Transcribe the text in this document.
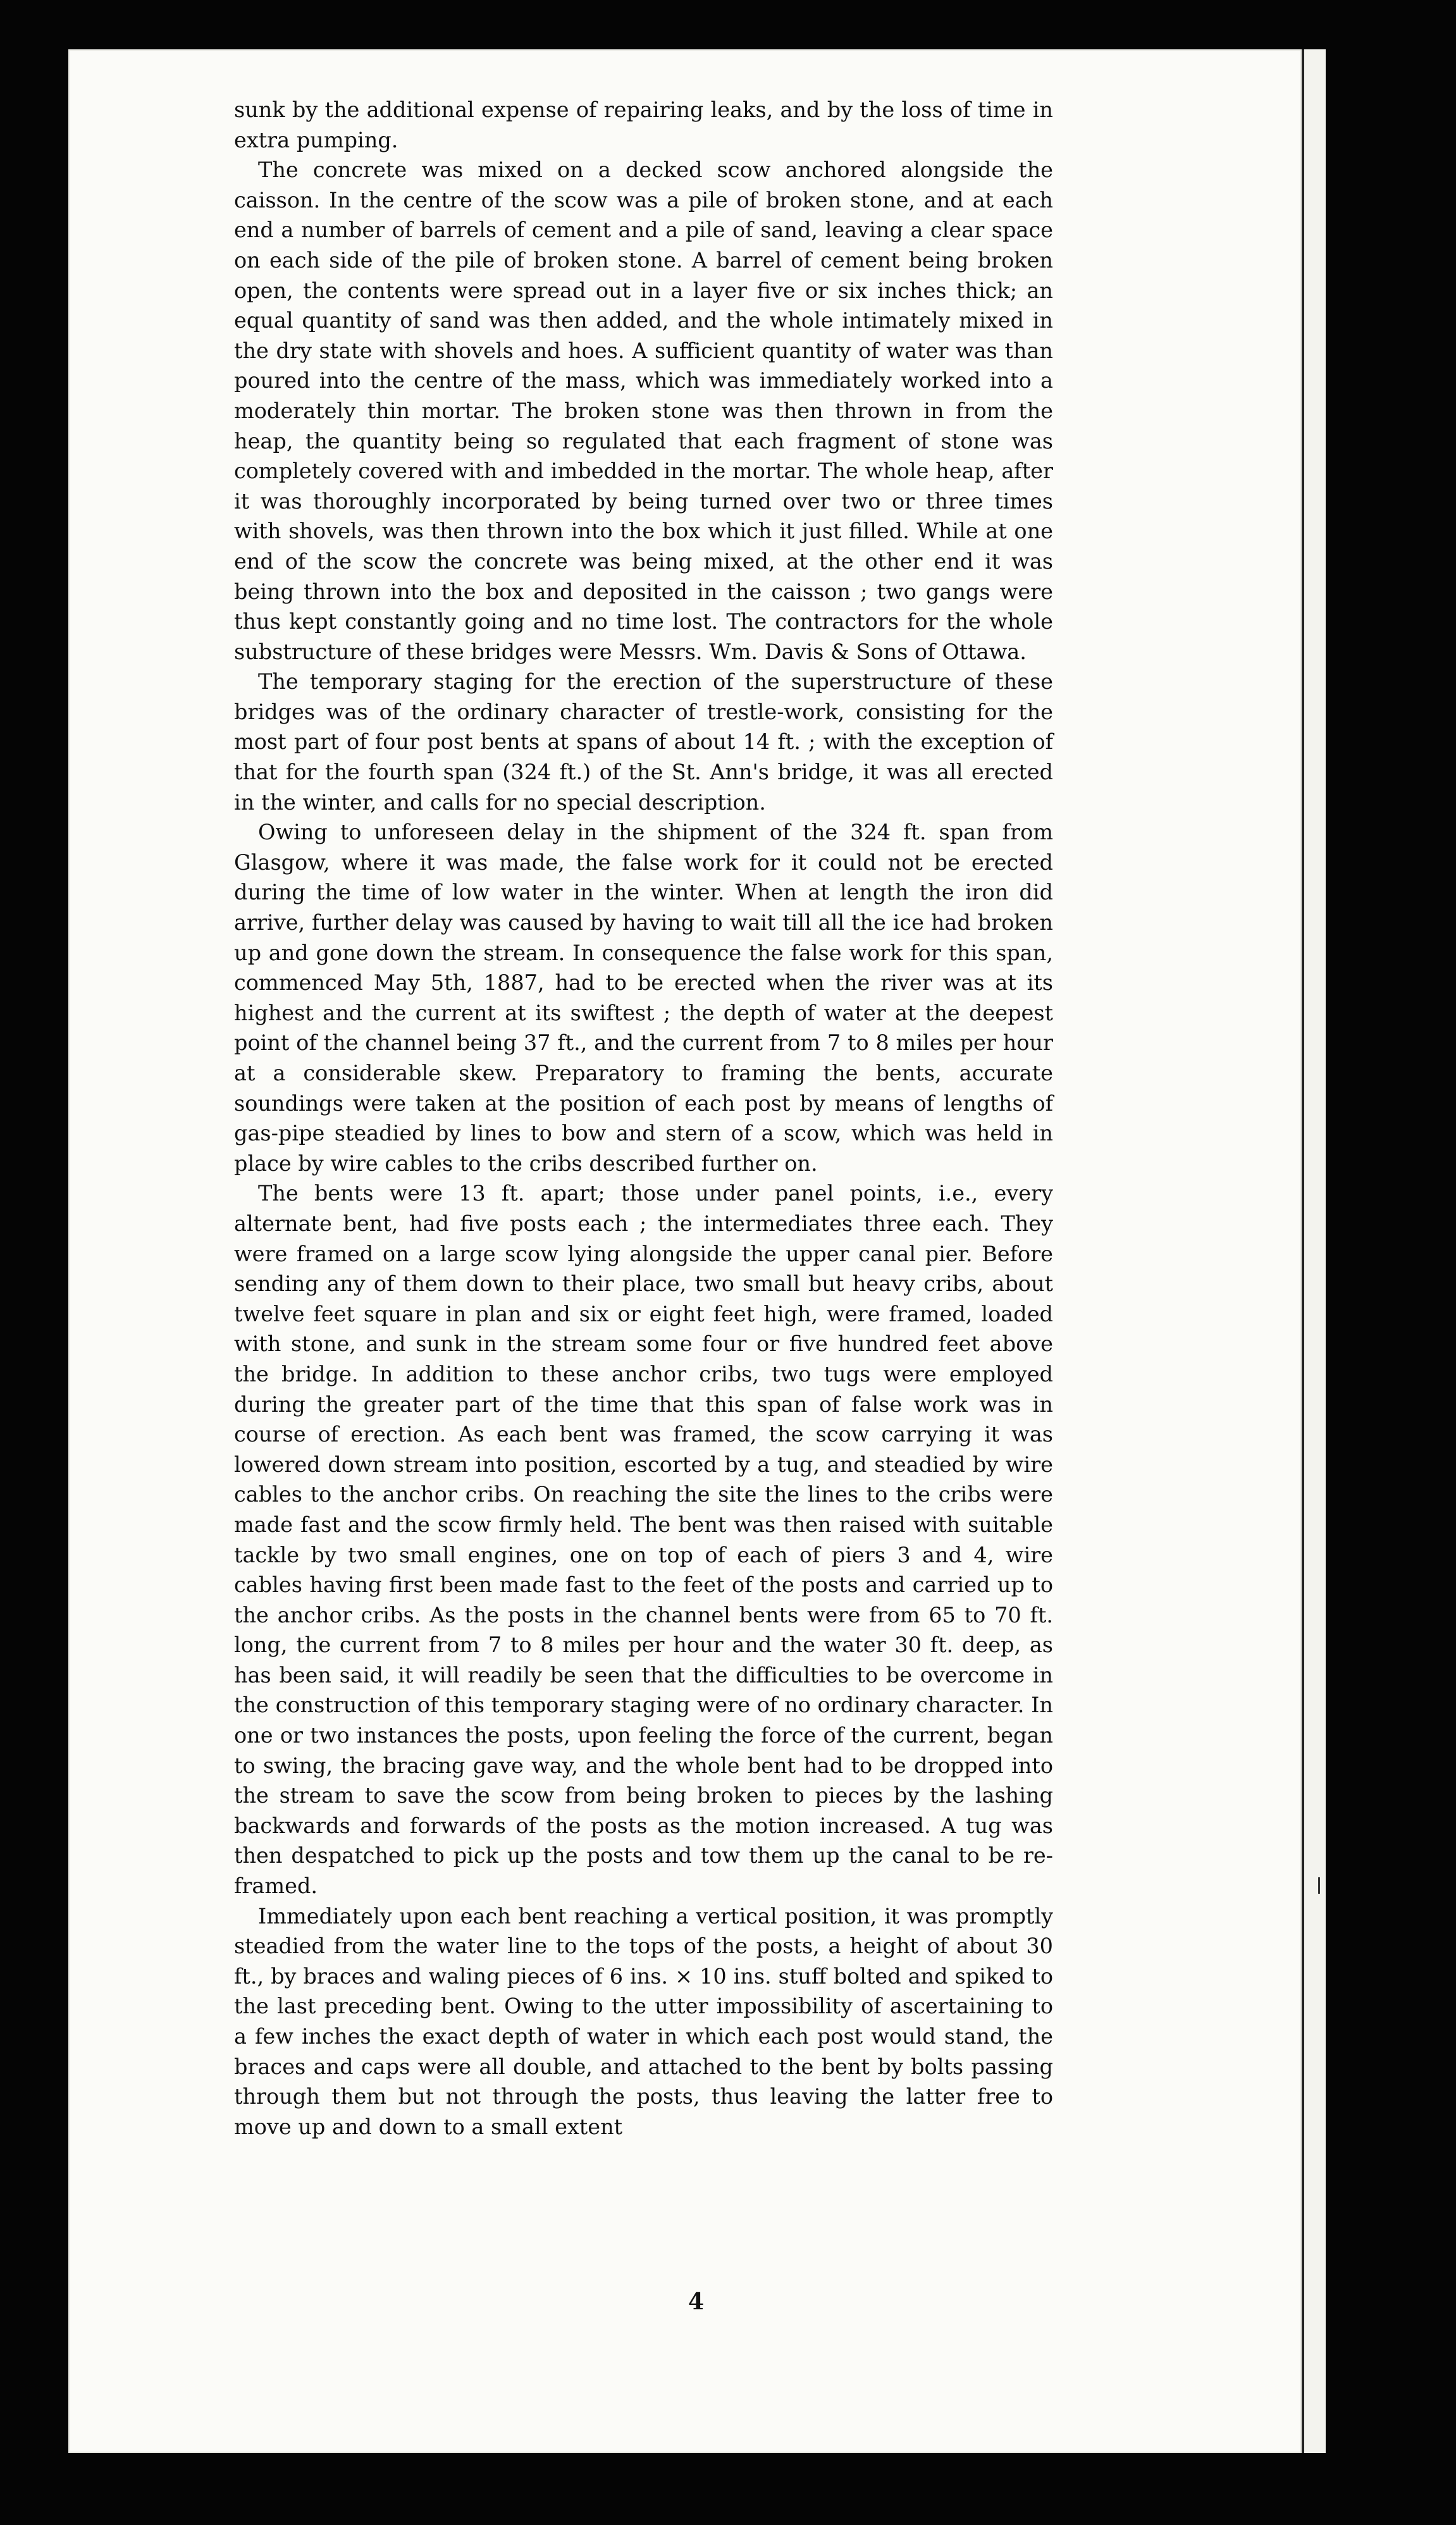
sunk by the additional expense of repairing leaks, and by the loss of time in extra pumping.

The concrete was mixed on a decked scow anchored alongside the caisson. In the centre of the scow was a pile of broken stone, and at each end a number of barrels of cement and a pile of sand, leaving a clear space on each side of the pile of broken stone. A barrel of cement being broken open, the contents were spread out in a layer five or six inches thick; an equal quantity of sand was then added, and the whole intimately mixed in the dry state with shovels and hoes. A sufficient quantity of water was than poured into the centre of the mass, which was immediately worked into a moderately thin mortar. The broken stone was then thrown in from the heap, the quantity being so regulated that each fragment of stone was completely covered with and imbedded in the mortar. The whole heap, after it was thoroughly incorporated by being turned over two or three times with shovels, was then thrown into the box which it just filled. While at one end of the scow the concrete was being mixed, at the other end it was being thrown into the box and deposited in the caisson ; two gangs were thus kept constantly going and no time lost. The contractors for the whole substructure of these bridges were Messrs. Wm. Davis & Sons of Ottawa.

The temporary staging for the erection of the superstructure of these bridges was of the ordinary character of trestle-work, consisting for the most part of four post bents at spans of about 14 ft. ; with the exception of that for the fourth span (324 ft.) of the St. Ann's bridge, it was all erected in the winter, and calls for no special description.

Owing to unforeseen delay in the shipment of the 324 ft. span from Glasgow, where it was made, the false work for it could not be erected during the time of low water in the winter. When at length the iron did arrive, further delay was caused by having to wait till all the ice had broken up and gone down the stream. In consequence the false work for this span, commenced May 5th, 1887, had to be erected when the river was at its highest and the current at its swiftest ; the depth of water at the deepest point of the channel being 37 ft., and the current from 7 to 8 miles per hour at a considerable skew. Preparatory to framing the bents, accurate soundings were taken at the position of each post by means of lengths of gas-pipe steadied by lines to bow and stern of a scow, which was held in place by wire cables to the cribs described further on.

The bents were 13 ft. apart; those under panel points, i.e., every alternate bent, had five posts each ; the intermediates three each. They were framed on a large scow lying alongside the upper canal pier. Before sending any of them down to their place, two small but heavy cribs, about twelve feet square in plan and six or eight feet high, were framed, loaded with stone, and sunk in the stream some four or five hundred feet above the bridge. In addition to these anchor cribs, two tugs were employed during the greater part of the time that this span of false work was in course of erection. As each bent was framed, the scow carrying it was lowered down stream into position, escorted by a tug, and steadied by wire cables to the anchor cribs. On reaching the site the lines to the cribs were made fast and the scow firmly held. The bent was then raised with suitable tackle by two small engines, one on top of each of piers 3 and 4, wire cables having first been made fast to the feet of the posts and carried up to the anchor cribs. As the posts in the channel bents were from 65 to 70 ft. long, the current from 7 to 8 miles per hour and the water 30 ft. deep, as has been said, it will readily be seen that the difficulties to be overcome in the construction of this temporary staging were of no ordinary character. In one or two instances the posts, upon feeling the force of the current, began to swing, the bracing gave way, and the whole bent had to be dropped into the stream to save the scow from being broken to pieces by the lashing backwards and forwards of the posts as the motion increased. A tug was then despatched to pick up the posts and tow them up the canal to be re-framed.

Immediately upon each bent reaching a vertical position, it was promptly steadied from the water line to the tops of the posts, a height of about 30 ft., by braces and waling pieces of 6 ins. × 10 ins. stuff bolted and spiked to the last preceding bent. Owing to the utter impossibility of ascertaining to a few inches the exact depth of water in which each post would stand, the braces and caps were all double, and attached to the bent by bolts passing through them but not through the posts, thus leaving the latter free to move up and down to a small extent

4
